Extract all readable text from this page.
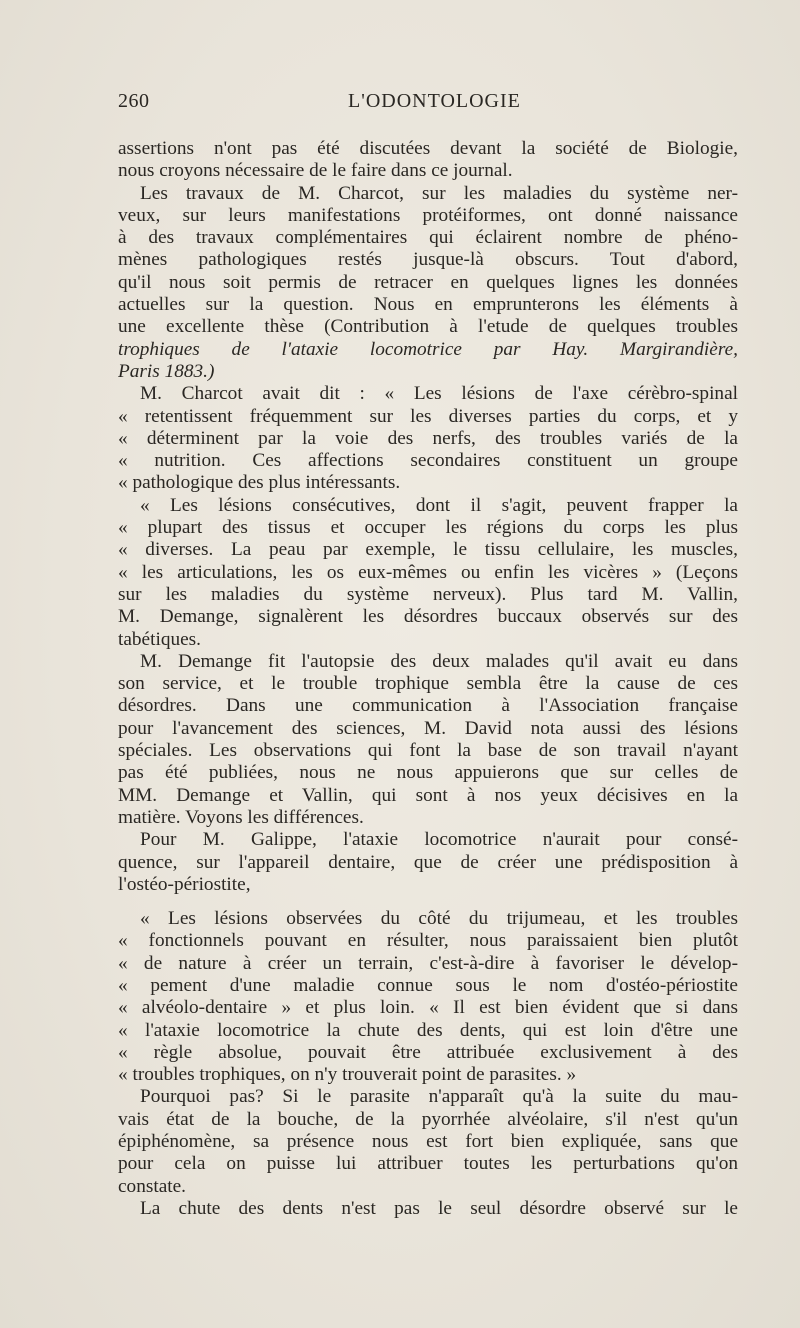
260	L'ODONTOLOGIE
assertions n'ont pas été discutées devant la société de Biologie,
nous croyons nécessaire de le faire dans ce journal.
Les travaux de M. Charcot, sur les maladies du système ner-
veux, sur leurs manifestations protéiformes, ont donné naissance
à des travaux complémentaires qui éclairent nombre de phéno-
mènes pathologiques restés jusque-là obscurs. Tout d'abord,
qu'il nous soit permis de retracer en quelques lignes les données
actuelles sur la question. Nous en emprunterons les éléments à
une excellente thèse (Contribution à l'etude de quelques troubles
trophiques de l'ataxie locomotrice par Hay. Margirandière,
Paris 1883.)
M. Charcot avait dit : « Les lésions de l'axe cérèbro-spinal
« retentissent fréquemment sur les diverses parties du corps, et y
« déterminent par la voie des nerfs, des troubles variés de la
« nutrition. Ces affections secondaires constituent un groupe
« pathologique des plus intéressants.
« Les lésions consécutives, dont il s'agit, peuvent frapper la
« plupart des tissus et occuper les régions du corps les plus
« diverses. La peau par exemple, le tissu cellulaire, les muscles,
« les articulations, les os eux-mêmes ou enfin les vicères » (Leçons
sur les maladies du système nerveux). Plus tard M. Vallin,
M. Demange, signalèrent les désordres buccaux observés sur des
tabétiques.
M. Demange fit l'autopsie des deux malades qu'il avait eu dans
son service, et le trouble trophique sembla être la cause de ces
désordres. Dans une communication à l'Association française
pour l'avancement des sciences, M. David nota aussi des lésions
spéciales. Les observations qui font la base de son travail n'ayant
pas été publiées, nous ne nous appuierons que sur celles de
MM. Demange et Vallin, qui sont à nos yeux décisives en la
matière. Voyons les différences.
Pour M. Galippe, l'ataxie locomotrice n'aurait pour consé-
quence, sur l'appareil dentaire, que de créer une prédisposition à
l'ostéo-périostite,
« Les lésions observées du côté du trijumeau, et les troubles
« fonctionnels pouvant en résulter, nous paraissaient bien plutôt
« de nature à créer un terrain, c'est-à-dire à favoriser le dévelop-
« pement d'une maladie connue sous le nom d'ostéo-périostite
« alvéolo-dentaire » et plus loin. « Il est bien évident que si dans
« l'ataxie locomotrice la chute des dents, qui est loin d'être une
« règle absolue, pouvait être attribuée exclusivement à des
« troubles trophiques, on n'y trouverait point de parasites. »
Pourquoi pas? Si le parasite n'apparaît qu'à la suite du mau-
vais état de la bouche, de la pyorrhée alvéolaire, s'il n'est qu'un
épiphénomène, sa présence nous est fort bien expliquée, sans que
pour cela on puisse lui attribuer toutes les perturbations qu'on
constate.
La chute des dents n'est pas le seul désordre observé sur le
